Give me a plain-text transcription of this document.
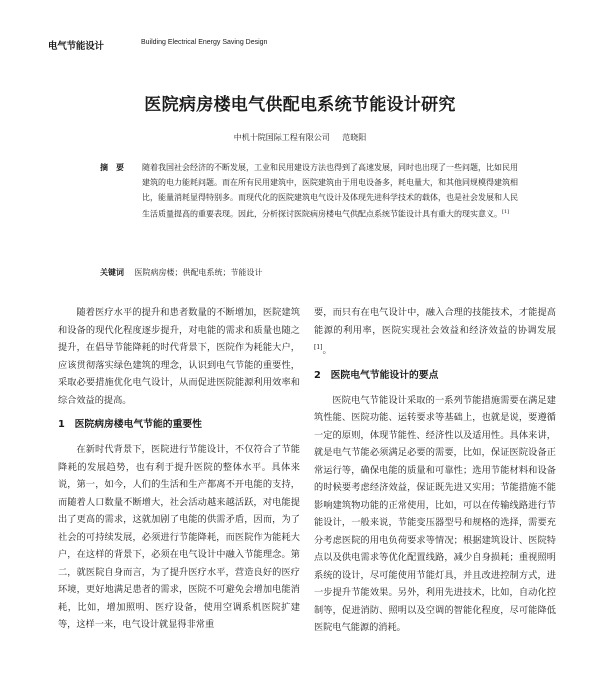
电气节能设计	Building Electrical Energy Saving Design
医院病房楼电气供配电系统节能设计研究
中机十院国际工程有限公司 范晓阳
摘　要 随着我国社会经济的不断发展，工业和民用建设方法也得到了高速发展，同时也出现了一些问题，比如民用建筑的电力能耗问题。而在所有民用建筑中，医院建筑由于用电设备多，耗电量大，和其他同规模得建筑相比，能量消耗显得特别多。而现代化的医院建筑电气设计及体现先进科学技术的载体，也是社会发展和人民生活质量提高的重要表现。因此，分析探讨医院病房楼电气供配点系统节能设计具有重大的现实意义。[1]
关键词 医院病房楼；供配电系统；节能设计

随着医疗水平的提升和患者数量的不断增加，医院建筑和设备的现代化程度逐步提升，对电能的需求和质量也随之提升，在倡导节能降耗的时代背景下，医院作为耗能大户，应该贯彻落实绿色建筑的理念，认识到电气节能的重要性，采取必要措施优化电气设计，从而促进医院能源利用效率和综合效益的提高。

1　医院病房楼电气节能的重要性

在新时代背景下，医院进行节能设计，不仅符合了节能降耗的发展趋势，也有利于提升医院的整体水平。具体来说，第一，如今，人们的生活和生产都离不开电能的支持，而随着人口数量不断增大，社会活动越来越活跃，对电能提出了更高的需求，这就加剧了电能的供需矛盾，因而，为了社会的可持续发展，必须进行节能降耗，而医院作为能耗大户，在这样的背景下，必须在电气设计中融入节能理念。第二，就医院自身而言，为了提升医疗水平，营造良好的医疗环境，更好地满足患者的需求，医院不可避免会增加电能消耗，比如，增加照明、医疗设备，使用空调系机医院扩建等，这样一来，电气设计就显得非常重

要，而只有在电气设计中，融入合理的技能技术，才能提高能源的利用率，医院实现社会效益和经济效益的协调发展[1]。

2　医院电气节能设计的要点

医院电气节能设计采取的一系列节能措施需要在满足建筑性能、医院功能、运转要求等基础上，也就是说，要遵循一定的原则，体现节能性、经济性以及适用性。具体来讲，就是电气节能必须满足必要的需要，比如，保证医院设备正常运行等，确保电能的质量和可靠性；选用节能材料和设备的时候要考虑经济效益，保证既先进又实用；节能措施不能影响建筑物功能的正常使用，比如，可以在传输线路进行节能设计，一般来说，节能变压器型号和规格的选择，需要充分考虑医院的用电负荷要求等情况；根据建筑设计、医院特点以及供电需求等优化配置线路，减少自身损耗；重视照明系统的设计，尽可能使用节能灯具，并且改进控制方式，进一步提升节能效果。另外，利用先进技术，比如，自动化控制等，促进消防、照明以及空调的智能化程度，尽可能降低医院电气能源的消耗。
